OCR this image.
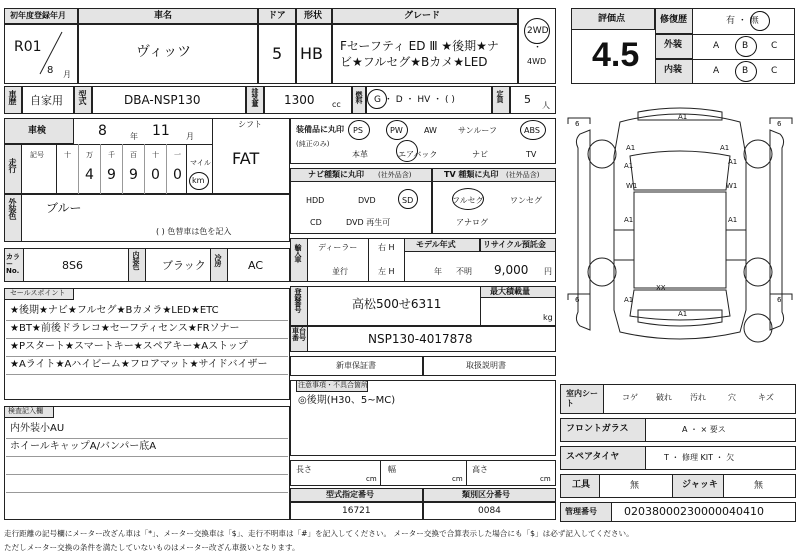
初年度登録年月
R01
8 月
車名
ヴィッツ
ドア
5
形状
HB
グレード
Fセーフティ ED Ⅲ ★後期★ナ
ビ★フルセグ★Bカメ★LED
2WD
・
4WD
車歴 自家用 型式	DBA-NSP130	排気量 1300 cc
燃料 G ・ D ・ HV ・ ( )	定員 5 人
車検	8	年 11 月
シフト
FAT
走行
記号	十 万 千 百 十 一
4 9 9 0 0
マイル
km
外装色 ブルー
( ) 色替車は色を記入
カラーNo.	8S6	内装色 ブラック 冷房 AC
セールスポイント
★後期★ナビ★フルセグ★Bカメラ★LED★ETC
★BT★前後ドラレコ★セーフティセンス★FRソナー
★Pスタート★スマートキー★スペアキー★Aストップ
★Aライト★Aハイビーム★フロアマット★サイドバイザー
検査記入欄
内外装小AU
ホイールキャップA/バンパー底A
装備品に丸印
(純正のみ)
PS	PW	AW	サンルーフ	ABS
本革	エアバック	ナビ	TV
ナビ種類に丸印 (社外品含)
HDD	DVD	SD
CD	DVD 再生可
TV 種類に丸印 (社外品含)
フルセグ	ワンセグ
アナログ
輸入車 ディーラー
並行
右 H
左 H
モデル年式
年 不明
リサイクル預託金
9,000 円
登録番号	高松500せ6311
最大積載量
kg
車台番号	NSP130-4017878
新車保証書	取扱説明書
注意事項・不具合箇所
◎後期(H30、5~MC)
長さ
cm
幅
cm
高さ
cm
型式指定番号
16721
類別区分番号
0084
評価点
4.5
修復歴	有 ・ 無
外装	A	B	C
内装	A	B	C
A1
A1	A1
A1
W1	W1
A1	A1
A1
XX
A1
A1
6	6
6	6
室内シート
コゲ 破れ 汚れ	穴	キズ
フロントガラス	A ・ × 要ス
スペアタイヤ	T ・ 修理 KIT ・ 欠
工具	無	ジャッキ	無
管理番号 02038000230000040410
走行距離の記号欄にメーター改ざん車は「*」、メーター交換車は「$」、走行不明車は「#」を記入してください。 メーター交換で合算表示した場合にも「$」は必ず記入してください。
ただしメーター交換の条件を満たしていないものはメーター改ざん車扱いとなります。
